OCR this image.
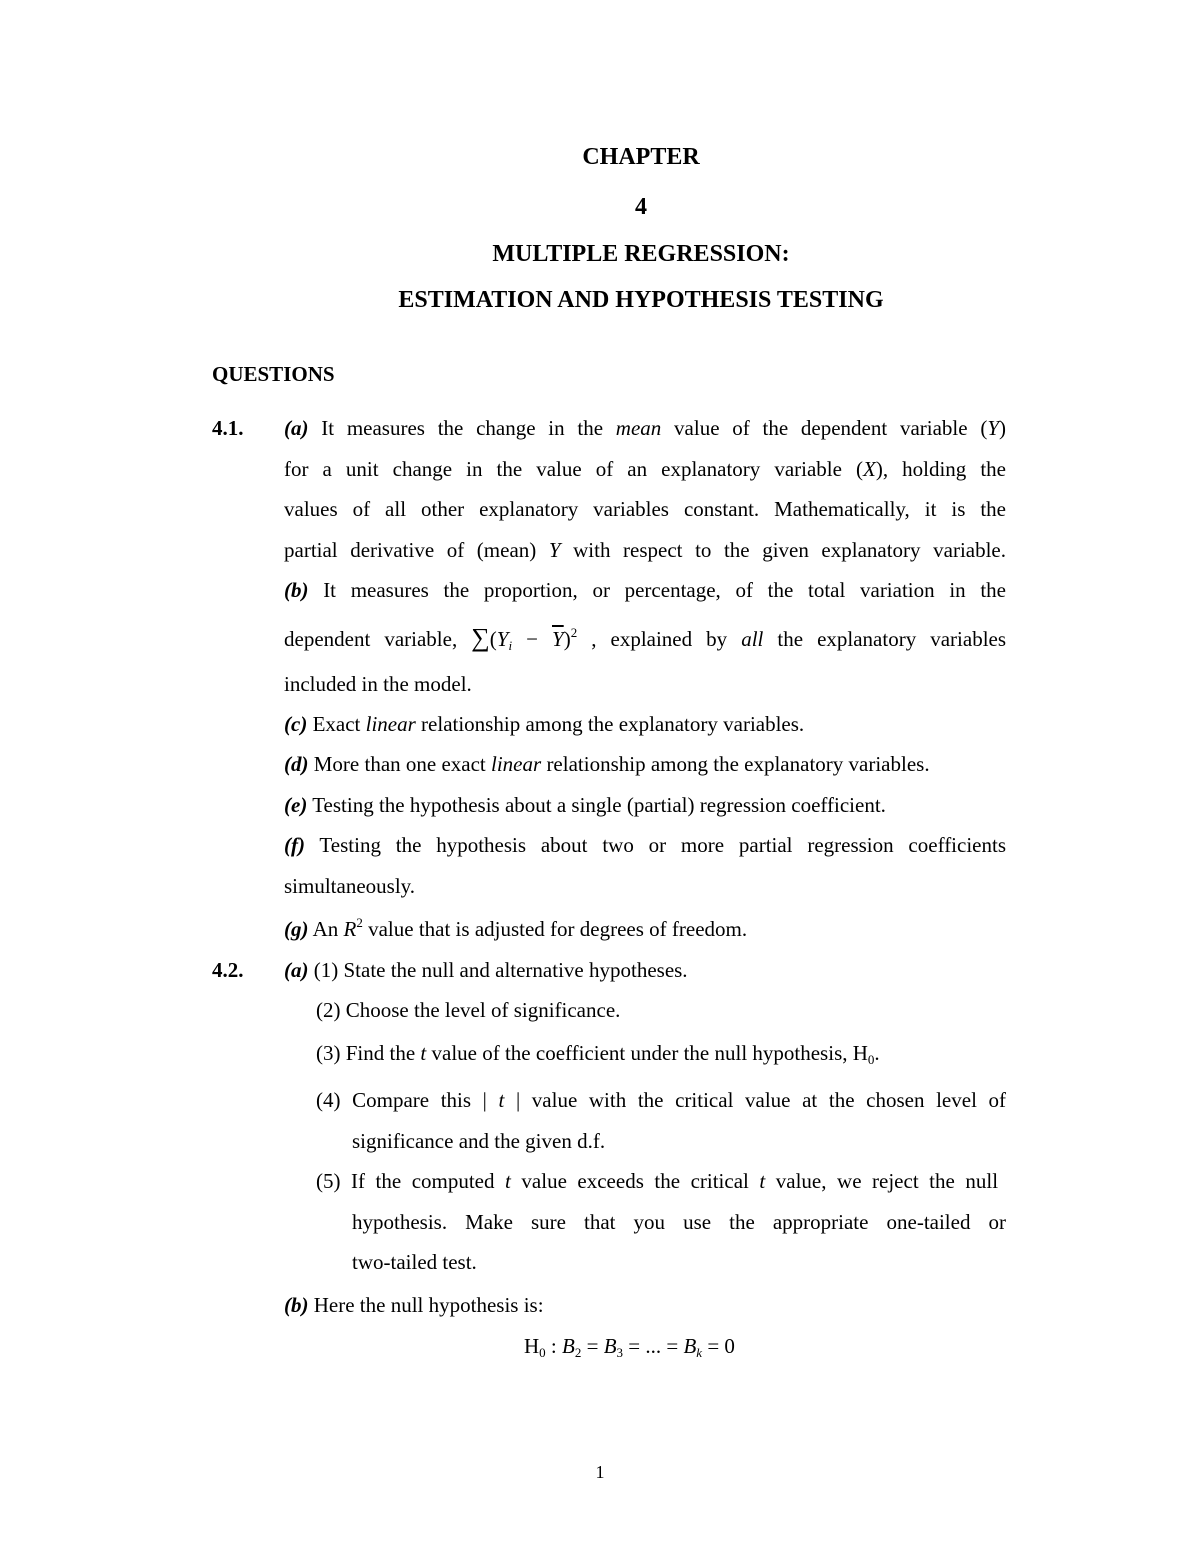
CHAPTER
4
MULTIPLE REGRESSION:
ESTIMATION AND HYPOTHESIS TESTING
QUESTIONS
4.1. (a) It measures the change in the mean value of the dependent variable (Y)
for a unit change in the value of an explanatory variable (X), holding the
values of all other explanatory variables constant. Mathematically, it is the
partial derivative of (mean) Y with respect to the given explanatory variable.
(b) It measures the proportion, or percentage, of the total variation in the
dependent variable, $\sum(Y_i - \overline{Y})^2$ , explained by all the explanatory variables
included in the model.
(c) Exact linear relationship among the explanatory variables.
(d) More than one exact linear relationship among the explanatory variables.
(e) Testing the hypothesis about a single (partial) regression coefficient.
(f) Testing the hypothesis about two or more partial regression coefficients
simultaneously.
(g) An $R^2$ value that is adjusted for degrees of freedom.
4.2. (a) (1) State the null and alternative hypotheses.
(2) Choose the level of significance.
(3) Find the t value of the coefficient under the null hypothesis, $H_0$.
(4) Compare this | t | value with the critical value at the chosen level of
significance and the given d.f.
(5) If the computed t value exceeds the critical t value, we reject the null
hypothesis. Make sure that you use the appropriate one-tailed or
two-tailed test.
(b) Here the null hypothesis is:
$H_0$ : $B_2 = B_3$ = ... = $B_k = 0$
1
